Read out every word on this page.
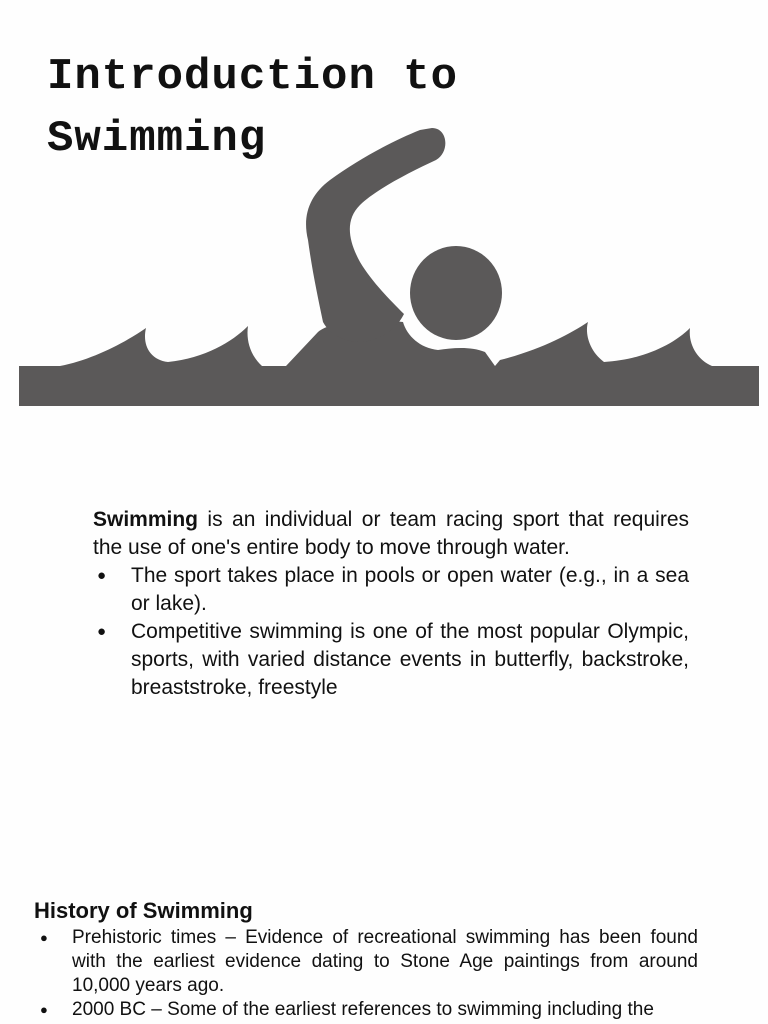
Introduction to Swimming

Swimming is an individual or team racing sport that requires the use of one's entire body to move through water.

● The sport takes place in pools or open water (e.g., in a sea or lake).
● Competitive swimming is one of the most popular Olympic, sports, with varied distance events in butterfly, backstroke, breaststroke, freestyle
History of Swimming
● Prehistoric times – Evidence of recreational swimming has been found with the earliest evidence dating to Stone Age paintings from around 10,000 years ago.
● 2000 BC – Some of the earliest references to swimming including the
